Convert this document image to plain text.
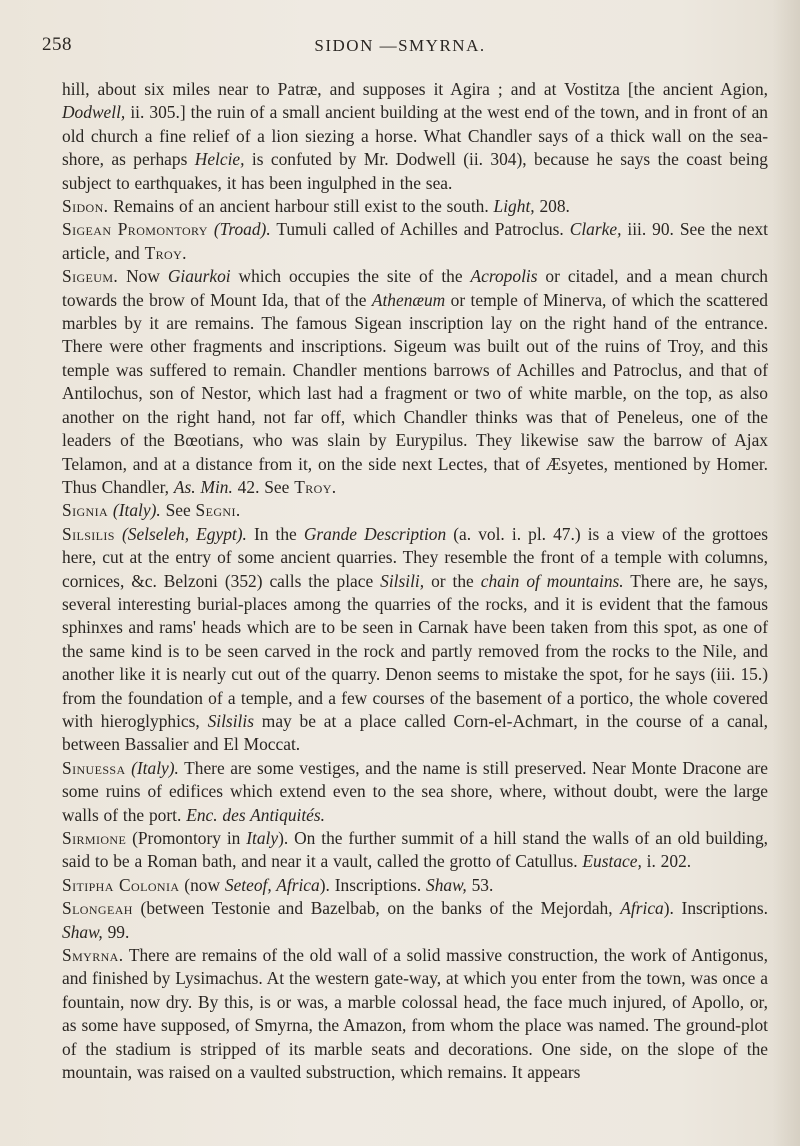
258	SIDON —SMYRNA.

hill, about six miles near to Patræ, and supposes it Agira ; and at Vostitza [the ancient Agion, Dodwell, ii. 305.] the ruin of a small ancient building at the west end of the town, and in front of an old church a fine relief of a lion siezing a horse. What Chandler says of a thick wall on the sea-shore, as perhaps Helcie, is confuted by Mr. Dodwell (ii. 304), because he says the coast being subject to earthquakes, it has been ingulphed in the sea.

Sidon. Remains of an ancient harbour still exist to the south. Light, 208.

Sigean Promontory (Troad). Tumuli called of Achilles and Patroclus. Clarke, iii. 90. See the next article, and Troy.

Sigeum. Now Giaurkoi which occupies the site of the Acropolis or citadel, and a mean church towards the brow of Mount Ida, that of the Athenæum or temple of Minerva, of which the scattered marbles by it are remains. The famous Sigean inscription lay on the right hand of the entrance. There were other fragments and inscriptions. Sigeum was built out of the ruins of Troy, and this temple was suffered to remain. Chandler mentions barrows of Achilles and Patroclus, and that of Antilochus, son of Nestor, which last had a fragment or two of white marble, on the top, as also another on the right hand, not far off, which Chandler thinks was that of Peneleus, one of the leaders of the Bœotians, who was slain by Eurypilus. They likewise saw the barrow of Ajax Telamon, and at a distance from it, on the side next Lectes, that of Æsyetes, mentioned by Homer. Thus Chandler, As. Min. 42. See Troy.

Signia (Italy). See Segni.

Silsilis (Selseleh, Egypt). In the Grande Description (a. vol. i. pl. 47.) is a view of the grottoes here, cut at the entry of some ancient quarries. They resemble the front of a temple with columns, cornices, &c. Belzoni (352) calls the place Silsili, or the chain of mountains. There are, he says, several interesting burial-places among the quarries of the rocks, and it is evident that the famous sphinxes and rams' heads which are to be seen in Carnak have been taken from this spot, as one of the same kind is to be seen carved in the rock and partly removed from the rocks to the Nile, and another like it is nearly cut out of the quarry. Denon seems to mistake the spot, for he says (iii. 15.) from the foundation of a temple, and a few courses of the basement of a portico, the whole covered with hieroglyphics, Silsilis may be at a place called Corn-el-Achmart, in the course of a canal, between Bassalier and El Moccat.

Sinuessa (Italy). There are some vestiges, and the name is still preserved. Near Monte Dracone are some ruins of edifices which extend even to the sea shore, where, without doubt, were the large walls of the port. Enc. des Antiquités.

Sirmione (Promontory in Italy). On the further summit of a hill stand the walls of an old building, said to be a Roman bath, and near it a vault, called the grotto of Catullus. Eustace, i. 202.

Sitipha Colonia (now Seteof, Africa). Inscriptions. Shaw, 53.

Slongeah (between Testonie and Bazelbab, on the banks of the Mejordah, Africa). Inscriptions. Shaw, 99.

Smyrna. There are remains of the old wall of a solid massive construction, the work of Antigonus, and finished by Lysimachus. At the western gate-way, at which you enter from the town, was once a fountain, now dry. By this, is or was, a marble colossal head, the face much injured, of Apollo, or, as some have supposed, of Smyrna, the Amazon, from whom the place was named. The ground-plot of the stadium is stripped of its marble seats and decorations. One side, on the slope of the mountain, was raised on a vaulted substruction, which remains. It appears
